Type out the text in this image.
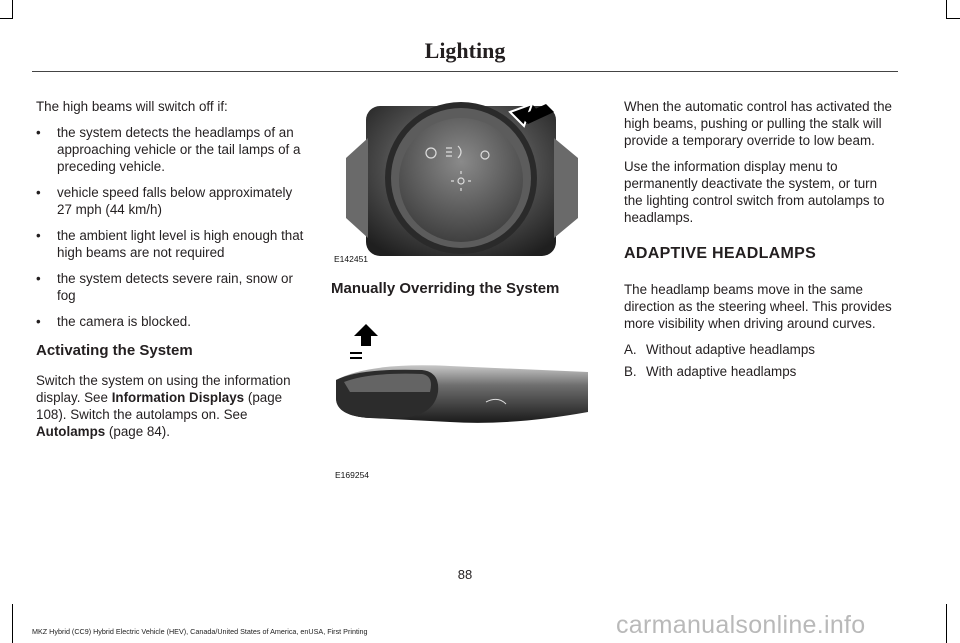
Lighting

The high beams will switch off if:

• the system detects the headlamps of an approaching vehicle or the tail lamps of a preceding vehicle.
• vehicle speed falls below approximately 27 mph (44 km/h)
• the ambient light level is high enough that high beams are not required
• the system detects severe rain, snow or fog
• the camera is blocked.
Activating the System

Switch the system on using the information display. See Information Displays (page 108). Switch the autolamps on. See Autolamps (page 84).

E142451
Manually Overriding the System
E169254

When the automatic control has activated the high beams, pushing or pulling the stalk will provide a temporary override to low beam.

Use the information display menu to permanently deactivate the system, or turn the lighting control switch from autolamps to headlamps.

ADAPTIVE HEADLAMPS

The headlamp beams move in the same direction as the steering wheel. This provides more visibility when driving around curves.

A. Without adaptive headlamps
B. With adaptive headlamps
88
MKZ Hybrid (CC9) Hybrid Electric Vehicle (HEV), Canada/United States of America, enUSA, First Printing	carmanualsonline.info
